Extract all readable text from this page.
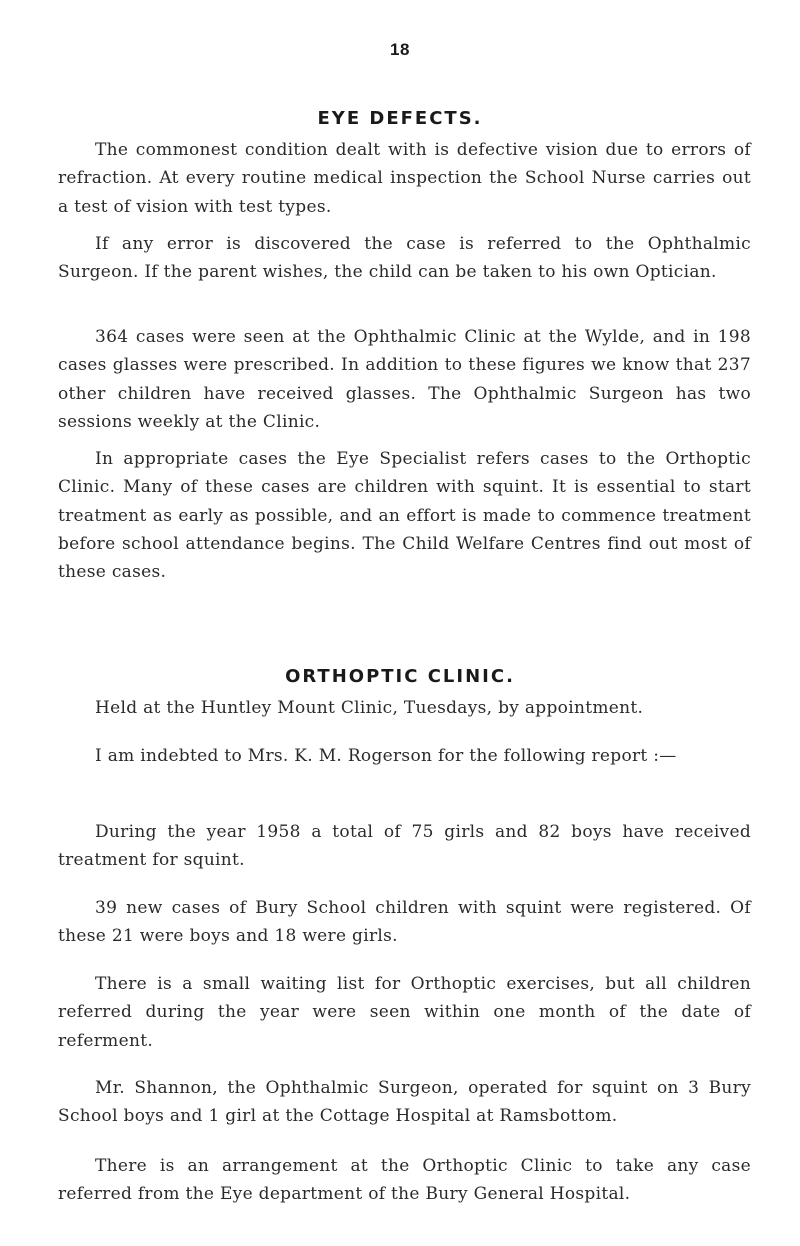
18
EYE DEFECTS.

The commonest condition dealt with is defective vision due to errors of refraction. At every routine medical inspection the School Nurse carries out a test of vision with test types.

If any error is discovered the case is referred to the Ophthalmic Surgeon. If the parent wishes, the child can be taken to his own Optician.

364 cases were seen at the Ophthalmic Clinic at the Wylde, and in 198 cases glasses were prescribed. In addition to these figures we know that 237 other children have received glasses. The Ophthalmic Surgeon has two sessions weekly at the Clinic.

In appropriate cases the Eye Specialist refers cases to the Orthoptic Clinic. Many of these cases are children with squint. It is essential to start treatment as early as possible, and an effort is made to commence treatment before school attendance begins. The Child Welfare Centres find out most of these cases.

ORTHOPTIC CLINIC.

Held at the Huntley Mount Clinic, Tuesdays, by appointment.

I am indebted to Mrs. K. M. Rogerson for the following report :—

During the year 1958 a total of 75 girls and 82 boys have received treatment for squint.

39 new cases of Bury School children with squint were registered. Of these 21 were boys and 18 were girls.

There is a small waiting list for Orthoptic exercises, but all children referred during the year were seen within one month of the date of referment.

Mr. Shannon, the Ophthalmic Surgeon, operated for squint on 3 Bury School boys and 1 girl at the Cottage Hospital at Ramsbottom.

There is an arrangement at the Orthoptic Clinic to take any case referred from the Eye department of the Bury General Hospital.
